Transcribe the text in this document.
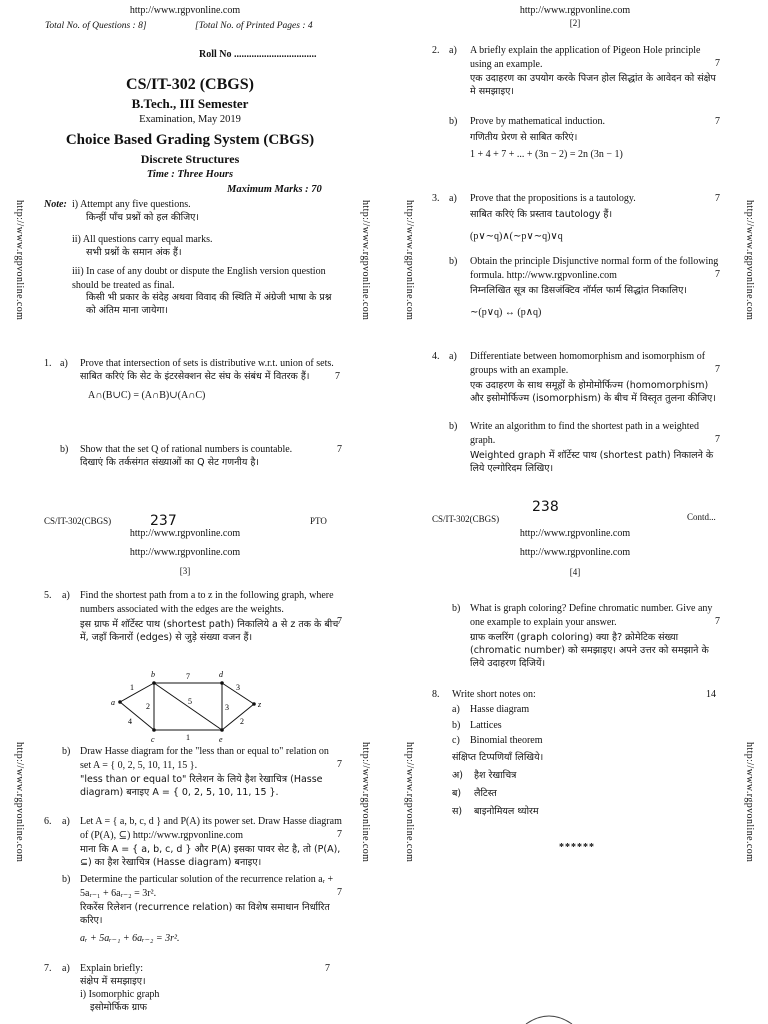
http://www.rgpvonline.com
Total No. of Questions : 8]	[Total No. of Printed Pages : 4
Roll No .................................
CS/IT-302 (CBGS)
B.Tech., III Semester
Examination, May 2019
Choice Based Grading System (CBGS)
Discrete Structures
Time : Three Hours
Maximum Marks : 70
Note: i) Attempt any five questions.
किन्हीं पाँच प्रश्नों को हल कीजिए।
ii) All questions carry equal marks.
सभी प्रश्नों के समान अंक हैं।
iii) In case of any doubt or dispute the English version question should be treated as final.
किसी भी प्रकार के संदेह अथवा विवाद की स्थिति में अंग्रेजी भाषा के प्रश्न को अंतिम माना जायेगा।
1. a) Prove that intersection of sets is distributive w.r.t. union of sets.
7
साबित करिएं कि सेट के इंटरसेक्शन सेट संघ के संबंध में वितरक हैं।
A∩(B∪C) = (A∩B)∪(A∩C)
b) Show that the set Q of rational numbers is countable.	7
दिखाएं कि तर्कसंगत संख्याओं का Q सेट गणनीय है।
CS/IT-302(CBGS)	237	PTO
http://www.rgpvonline.com
[2]
2. a) A briefly explain the application of Pigeon Hole principle using an example.	7
एक उदाहरण का उपयोग करके पिजन होल सिद्धांत के आवेदन को संक्षेप मे समझाइए।
b) Prove by mathematical induction.	7
गणितीय प्रेरण से साबित करिएं।
1 + 4 + 7 + ... + (3n − 2) = 2n (3n − 1)
3. a) Prove that the propositions is a tautology.	7
साबित करिएं कि प्रस्ताव tautology हैं।
(p∨∼q)∧(∼p∨∼q)∨q
b) Obtain the principle Disjunctive normal form of the following formula. http://www.rgpvonline.com	7
निम्नलिखित सूत्र का डिसजंक्टिव नॉर्मल फार्म सिद्धांत निकालिए।
∼(p∨q) ↔ (p∧q)
4. a) Differentiate between homomorphism and isomorphism of groups with an example.	7
एक उदाहरण के साथ समूहों के होमोमोर्फिज्म (homomorphism) और इसोमोर्फिज्म (isomorphism) के बीच में विस्तृत तुलना कीजिए।
b) Write an algorithm to find the shortest path in a weighted graph.	7
Weighted graph में शॉर्टेस्ट पाथ (shortest path) निकालने के लिये एल्गोरिदम लिखिए।
CS/IT-302(CBGS)
238
Contd...
http://www.rgpvonline.com
http://www.rgpvonline.com
[3]
5. a) Find the shortest path from a to z in the following graph, where numbers associated with the edges are the weights.
7
इस ग्राफ में शॉर्टेस्ट पाथ (shortest path) निकालिये a से z तक के बीच में, जहाँ किनारों (edges) से जुड़े संख्या वजन हैं।
a
b
c
d
e
z
1
7
3
2
5
3
4
1
2
b) Draw Hasse diagram for the "less than or equal to" relation on set A = { 0, 2, 5, 10, 11, 15 }.	7
"less than or equal to" रिलेशन के लिये हैश रेखाचित्र (Hasse diagram) बनाइए A = { 0, 2, 5, 10, 11, 15 }.
6. a) Let A = { a, b, c, d } and P(A) its power set. Draw Hasse diagram of (P(A), ⊆) http://www.rgpvonline.com	7
माना कि A = { a, b, c, d } और P(A) इसका पावर सेट है, तो (P(A), ⊆) का हैश रेखाचित्र (Hasse diagram) बनाइए।
b) Determine the particular solution of the recurrence relation aᵣ + 5aᵣ₋₁ + 6aᵣ₋₂ = 3r².	7
रिकरेंस रिलेशन (recurrence relation) का विशेष समाधान निर्धारित करिए।
aᵣ + 5aᵣ₋₁ + 6aᵣ₋₂ = 3r².
7. a) Explain briefly:	7
संक्षेप में समझाइए।
i) Isomorphic graph
इसोमोर्फिक ग्राफ
http://www.rgpvonline.com
http://www.rgpvonline.com
[4]
b) What is graph coloring? Define chromatic number. Give any one example to explain your answer.	7
ग्राफ कलरिंग (graph coloring) क्या है? क्रोमेटिक संख्या (chromatic number) को समझाइए। अपने उत्तर को समझाने के लिये उदाहरण दिजियें।
8. Write short notes on:	14
a) Hasse diagram
b) Lattices
c) Binomial theorem
संक्षिप्त टिप्पणियाँ लिखिये।
अ) हैश रेखाचित्र
ब) लैटिस्त
स) बाइनोमियल थ्योरम
******
http://www.rgpvonline.com	http://www.rgpvonline.com	http://www.rgpvonline.com	http://www.rgpvonline.com
http://www.rgpvonline.com	http://www.rgpvonline.com	http://www.rgpvonline.com	http://www.rgpvonline.com
